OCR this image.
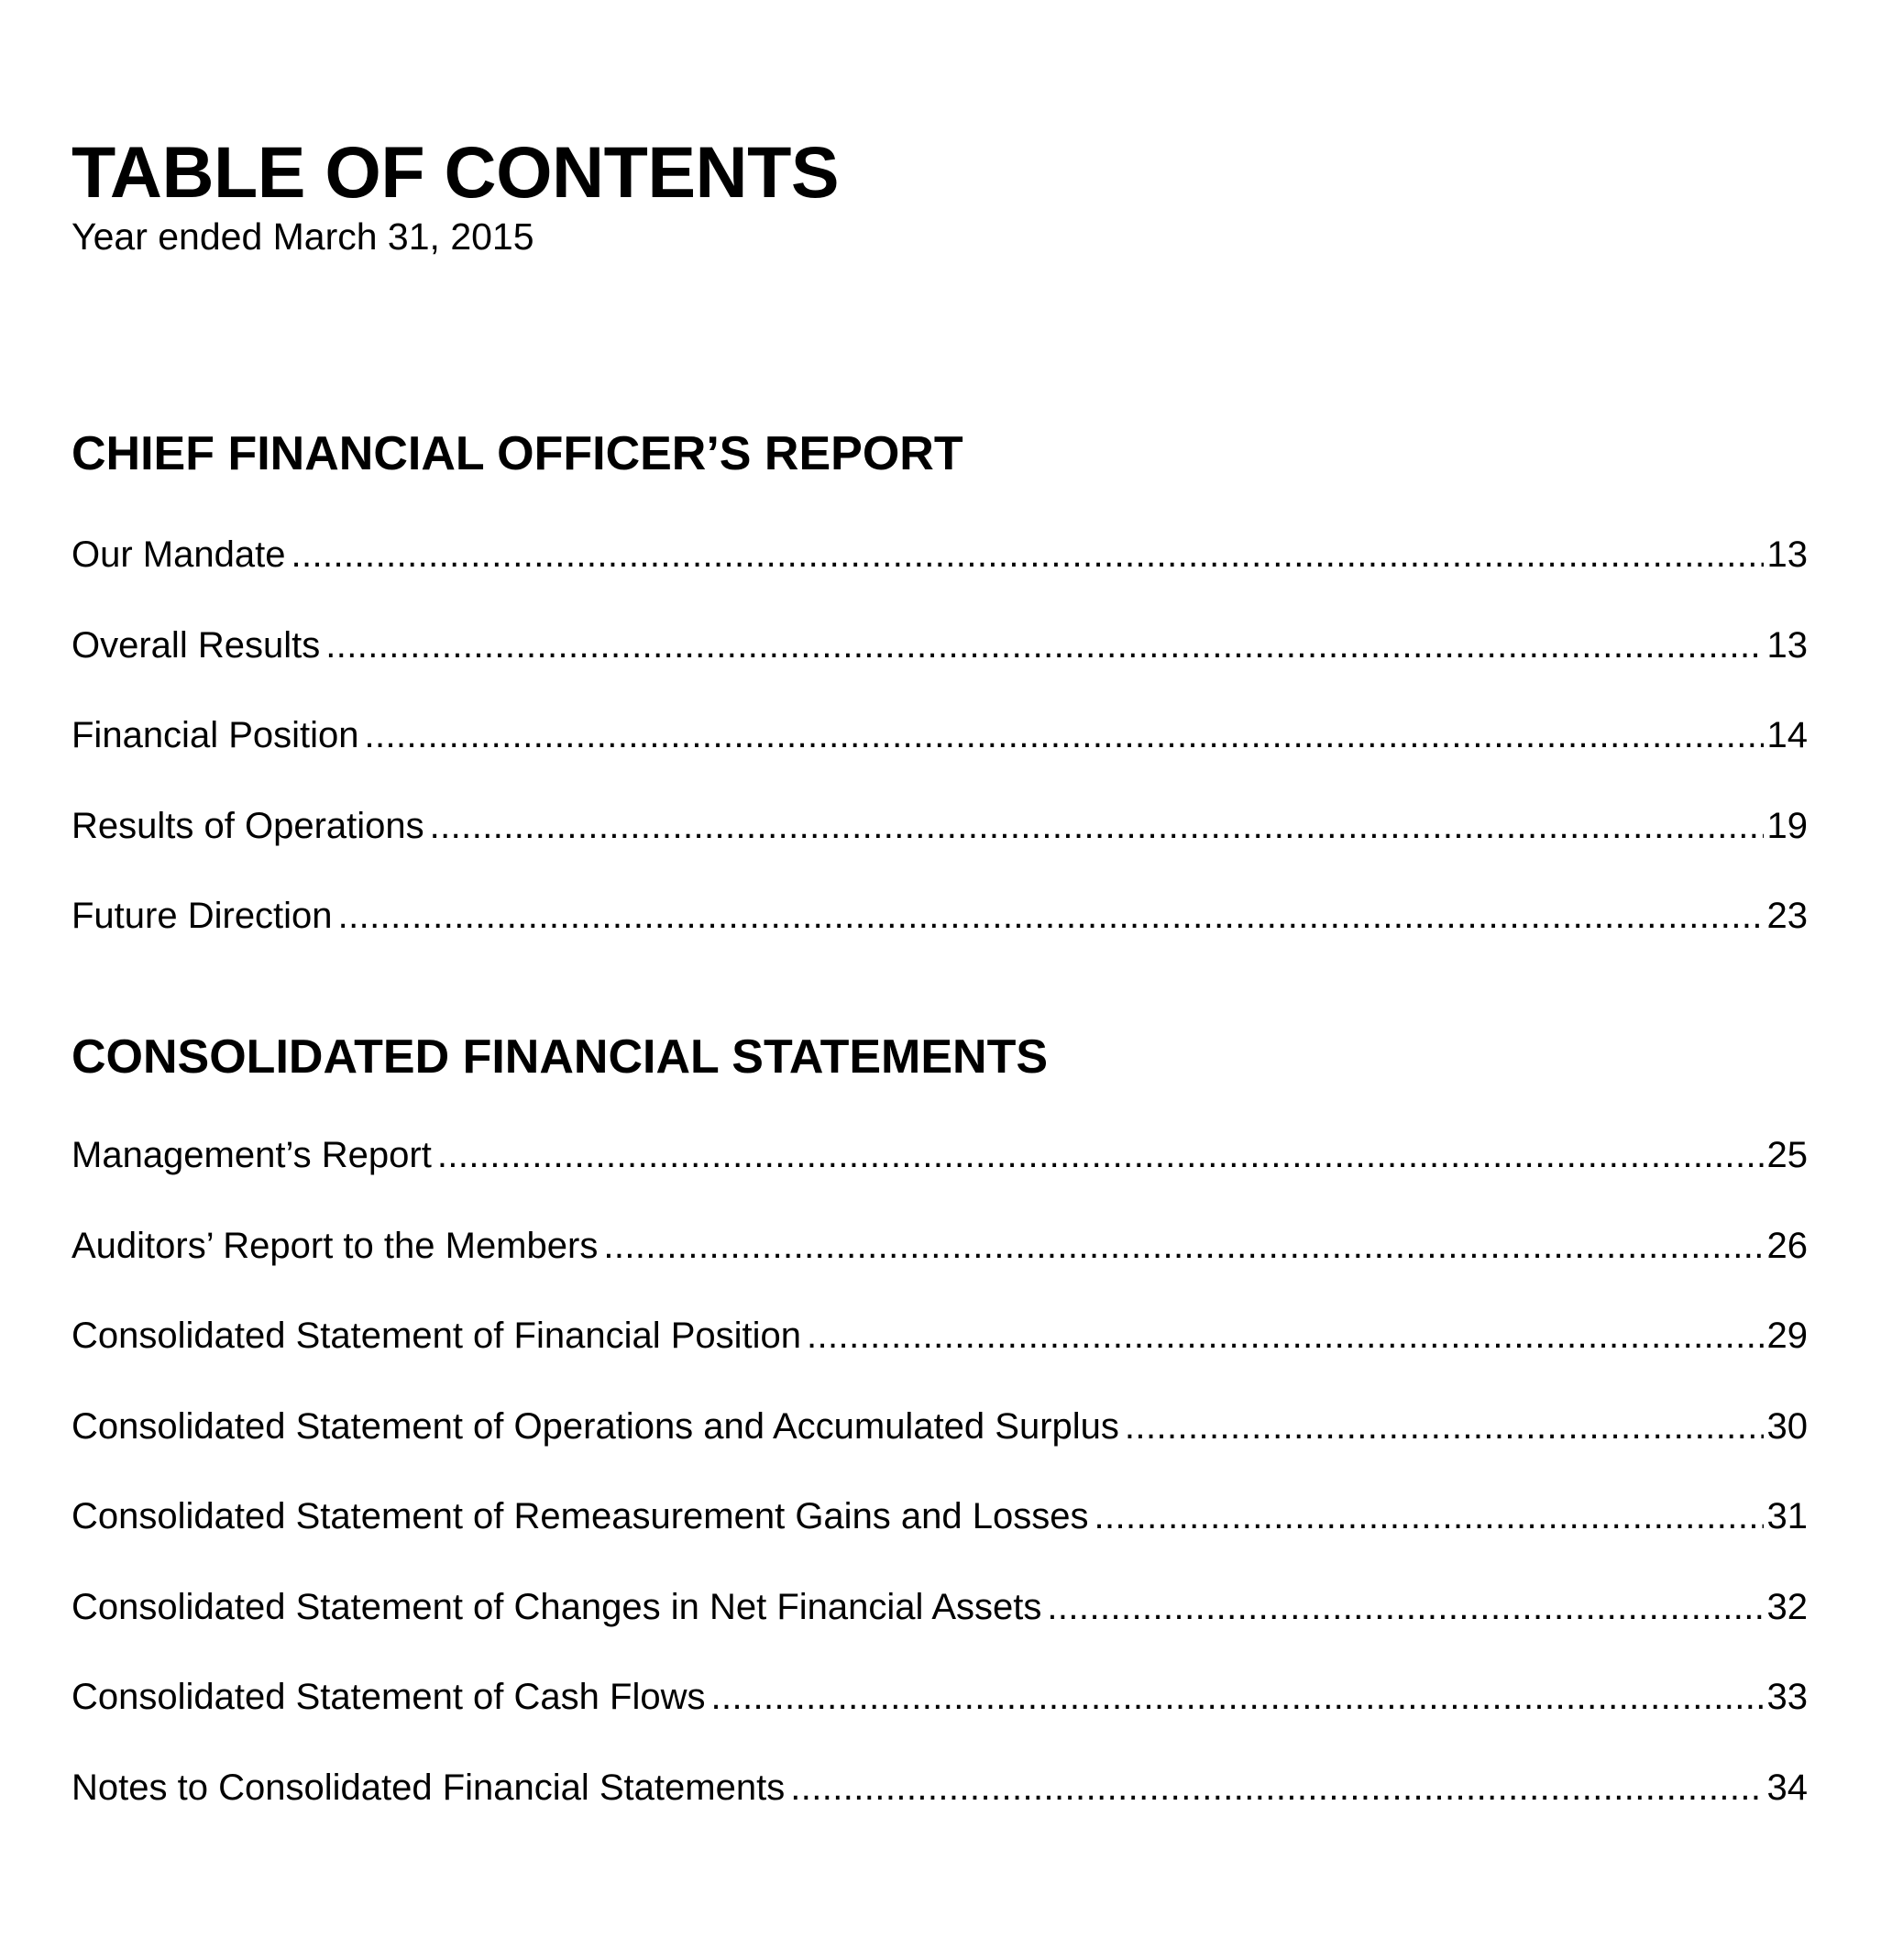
TABLE OF CONTENTS

Year ended March 31, 2015

CHIEF FINANCIAL OFFICER’S REPORT
Our Mandate .....	13
Overall Results .....	13
Financial Position .....	14
Results of Operations .....	19
Future Direction .....	23
CONSOLIDATED FINANCIAL STATEMENTS
Management’s Report .....	25
Auditors’ Report to the Members .....	26
Consolidated Statement of Financial Position .....	29
Consolidated Statement of Operations and Accumulated Surplus .....	30
Consolidated Statement of Remeasurement Gains and Losses .....	31
Consolidated Statement of Changes in Net Financial Assets .....	32
Consolidated Statement of Cash Flows .....	33
Notes to Consolidated Financial Statements .....	34
